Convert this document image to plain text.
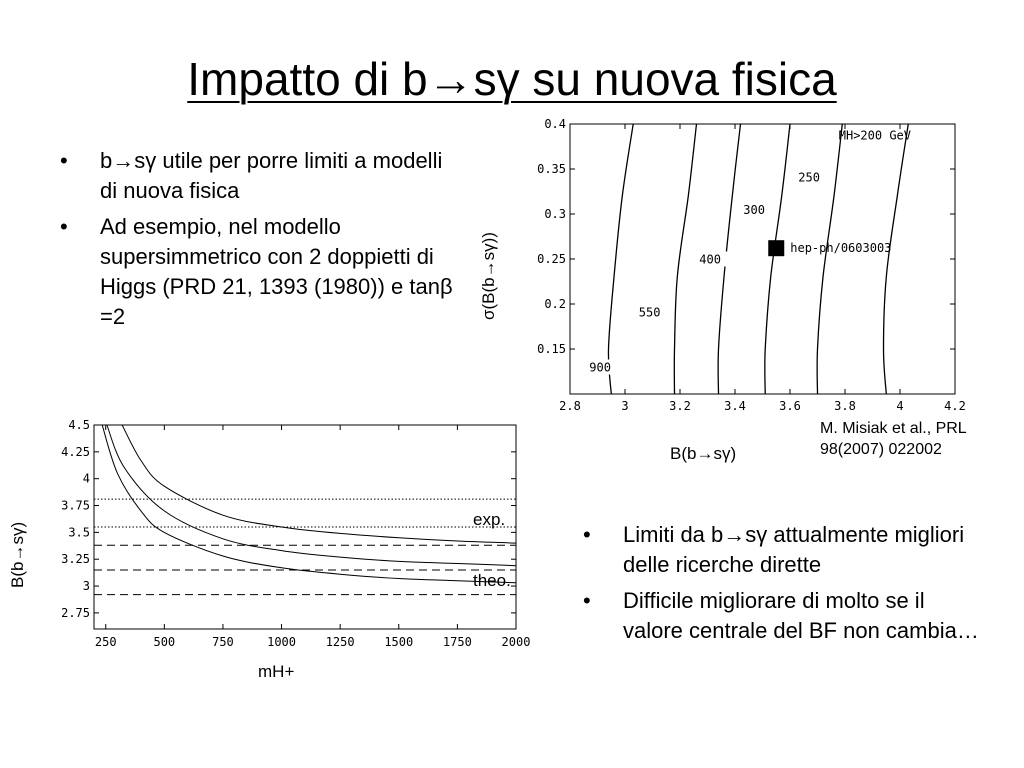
Impatto di b→sγ su nuova fisica
• b→sγ utile per porre limiti a modelli di nuova fisica
• Ad esempio, nel modello supersimmetrico con 2 doppietti di Higgs (PRD 21, 1393 (1980)) e tanβ =2
• Limiti da b→sγ attualmente migliori delle ricerche dirette
• Difficile migliorare di molto se il valore centrale del BF non cambia…
2.8	3	3.2	3.4	3.6	3.8	4	4.2
0.4
0.35
0.3
0.25
0.2
0.15
900
550
400
300
250
MH>200 GeV
hep-ph/0603003
σ(B(b→sγ))
B(b→sγ)
M. Misiak et al., PRL
98(2007) 022002
250	500	750	1000 1250 1500 1750 2000
4.5
4.25
4
3.75
3.5
3.25
3
2.75
exp.
theo.
B(b→sγ)
mH+
